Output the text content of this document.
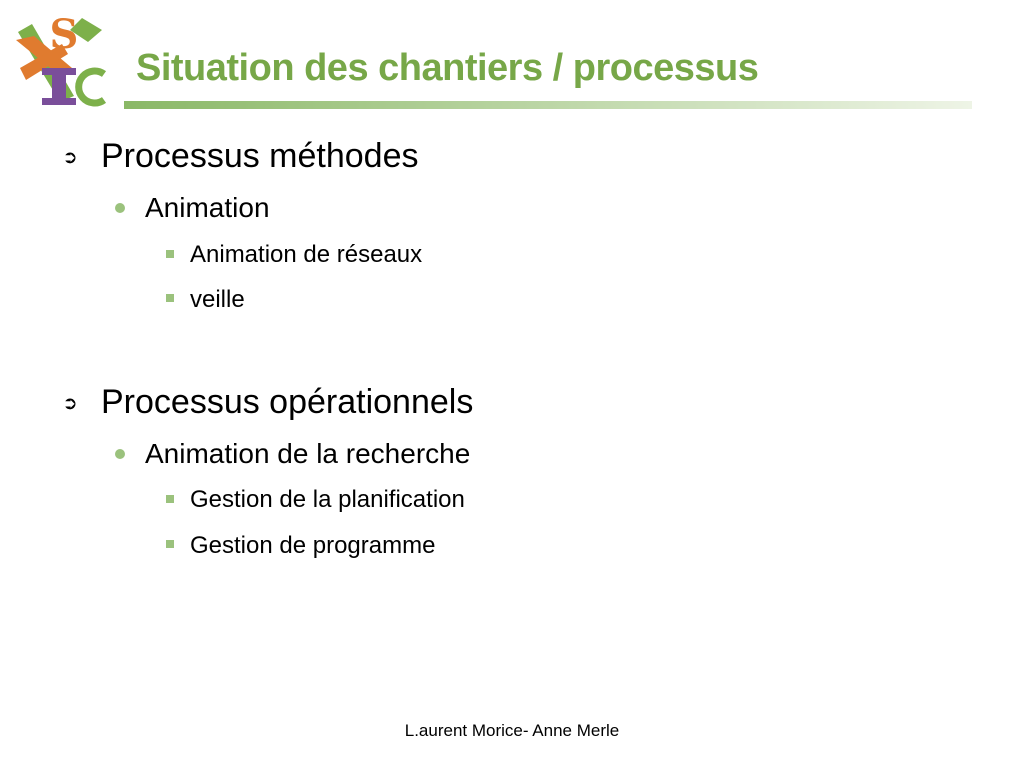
S
Situation des chantiers / processus
➲ Processus méthodes
Animation
Animation de réseaux
veille
➲ Processus opérationnels
Animation de la recherche
Gestion de la planification
Gestion de programme
L.aurent Morice- Anne Merle
